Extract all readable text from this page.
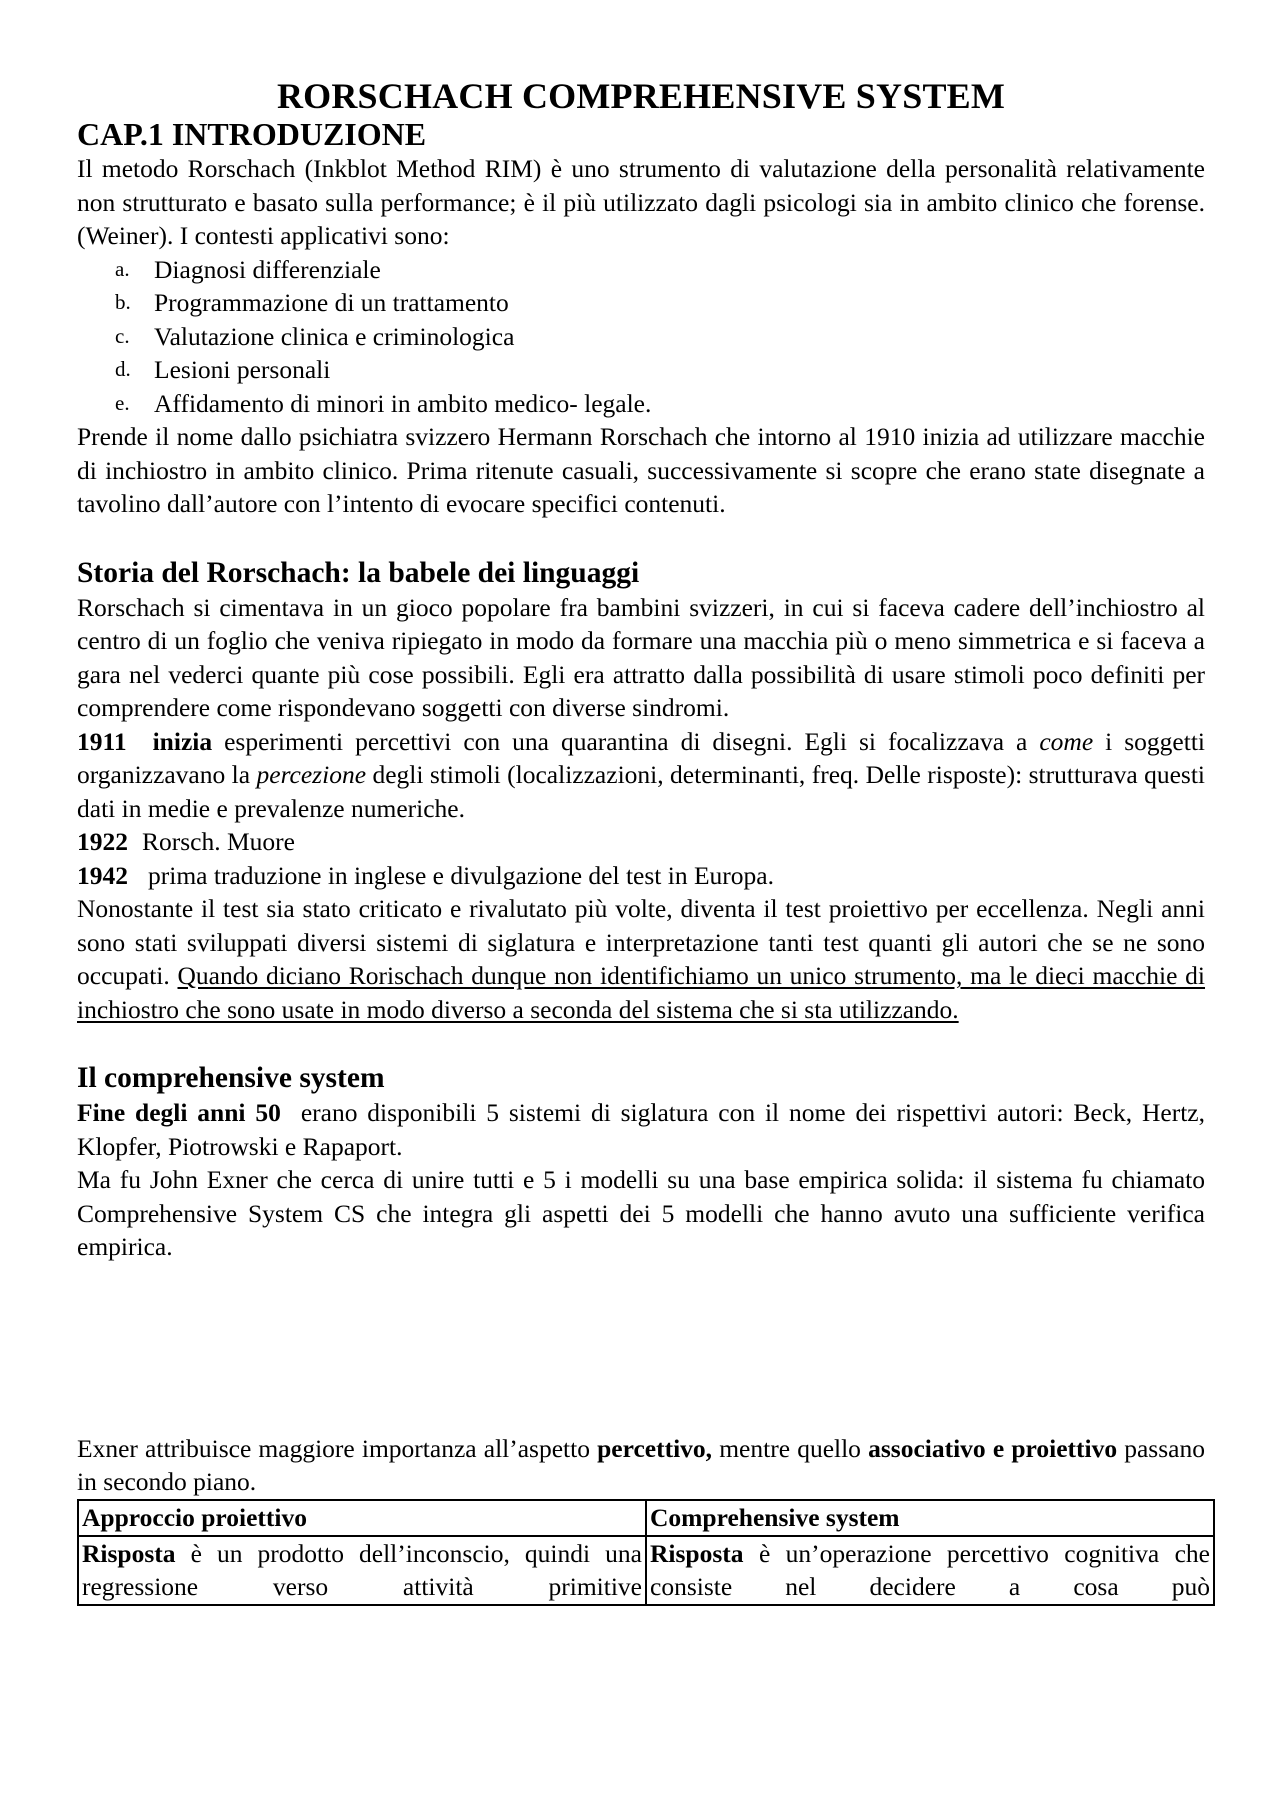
RORSCHACH COMPREHENSIVE SYSTEM
CAP.1 INTRODUZIONE

Il metodo Rorschach (Inkblot Method RIM) è uno strumento di valutazione della personalità relativamente non strutturato e basato sulla performance; è il più utilizzato dagli psicologi sia in ambito clinico che forense. (Weiner). I contesti applicativi sono:

a. Diagnosi differenziale
b. Programmazione di un trattamento
c. Valutazione clinica e criminologica
d. Lesioni personali
e. Affidamento di minori in ambito medico- legale.

Prende il nome dallo psichiatra svizzero Hermann Rorschach che intorno al 1910 inizia ad utilizzare macchie di inchiostro in ambito clinico. Prima ritenute casuali, successivamente si scopre che erano state disegnate a tavolino dall’autore con l’intento di evocare specifici contenuti.

Storia del Rorschach: la babele dei linguaggi

Rorschach si cimentava in un gioco popolare fra bambini svizzeri, in cui si faceva cadere dell’inchiostro al centro di un foglio che veniva ripiegato in modo da formare una macchia più o meno simmetrica e si faceva a gara nel vederci quante più cose possibili. Egli era attratto dalla possibilità di usare stimoli poco definiti per comprendere come rispondevano soggetti con diverse sindromi.

1911 inizia esperimenti percettivi con una quarantina di disegni. Egli si focalizzava a come i soggetti organizzavano la percezione degli stimoli (localizzazioni, determinanti, freq. Delle risposte): strutturava questi dati in medie e prevalenze numeriche.

1922 Rorsch. Muore

1942 prima traduzione in inglese e divulgazione del test in Europa.

Nonostante il test sia stato criticato e rivalutato più volte, diventa il test proiettivo per eccellenza. Negli anni sono stati sviluppati diversi sistemi di siglatura e interpretazione tanti test quanti gli autori che se ne sono occupati. Quando diciano Rorischach dunque non identifichiamo un unico strumento, ma le dieci macchie di inchiostro che sono usate in modo diverso a seconda del sistema che si sta utilizzando.

Il comprehensive system

Fine degli anni 50 erano disponibili 5 sistemi di siglatura con il nome dei rispettivi autori: Beck, Hertz, Klopfer, Piotrowski e Rapaport.

Ma fu John Exner che cerca di unire tutti e 5 i modelli su una base empirica solida: il sistema fu chiamato Comprehensive System CS che integra gli aspetti dei 5 modelli che hanno avuto una sufficiente verifica empirica.

Exner attribuisce maggiore importanza all’aspetto percettivo, mentre quello associativo e proiettivo passano in secondo piano.

Approccio proiettivo	Comprehensive system
Risposta è un prodotto dell’inconscio, quindi una regressione verso attività primitive	Risposta è un’operazione percettivo cognitiva che consiste nel decidere a cosa può
